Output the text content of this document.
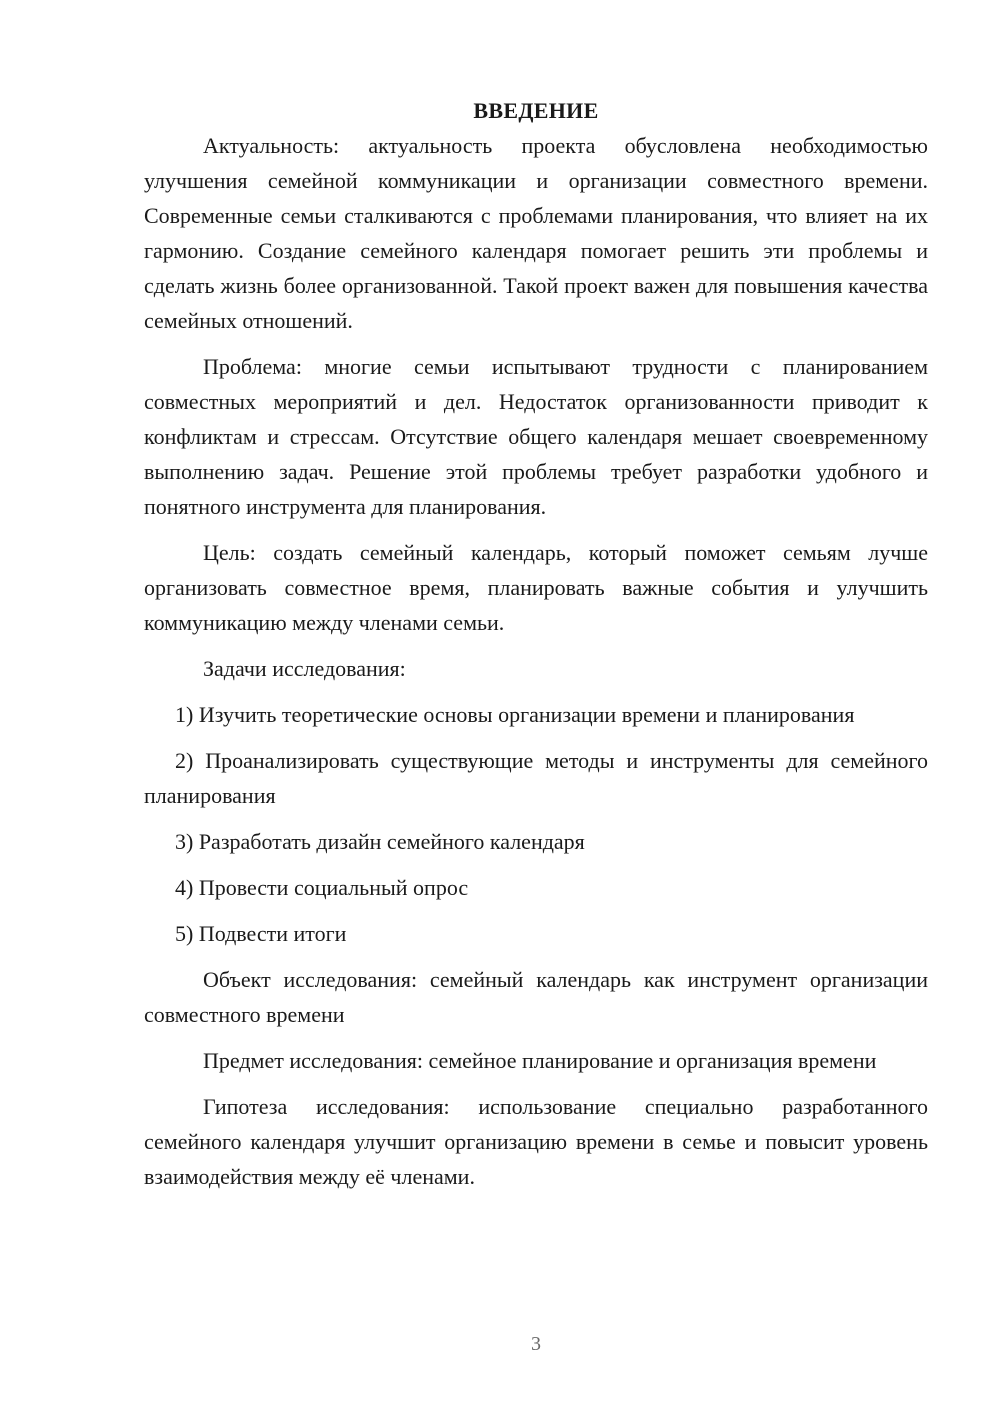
ВВЕДЕНИЕ

Актуальность: актуальность проекта обусловлена необходимостью улучшения семейной коммуникации и организации совместного времени. Современные семьи сталкиваются с проблемами планирования, что влияет на их гармонию. Создание семейного календаря помогает решить эти проблемы и сделать жизнь более организованной. Такой проект важен для повышения качества семейных отношений.

Проблема: многие семьи испытывают трудности с планированием совместных мероприятий и дел. Недостаток организованности приводит к конфликтам и стрессам. Отсутствие общего календаря мешает своевременному выполнению задач. Решение этой проблемы требует разработки удобного и понятного инструмента для планирования.

Цель: создать семейный календарь, который поможет семьям лучше организовать совместное время, планировать важные события и улучшить коммуникацию между членами семьи.

Задачи исследования:

1) Изучить теоретические основы организации времени и планирования

2) Проанализировать существующие методы и инструменты для семейного планирования

3) Разработать дизайн семейного календаря

4) Провести социальный опрос

5) Подвести итоги

Объект исследования: семейный календарь как инструмент организации совместного времени

Предмет исследования: семейное планирование и организация времени

Гипотеза исследования: использование специально разработанного семейного календаря улучшит организацию времени в семье и повысит уровень взаимодействия между её членами.

3
